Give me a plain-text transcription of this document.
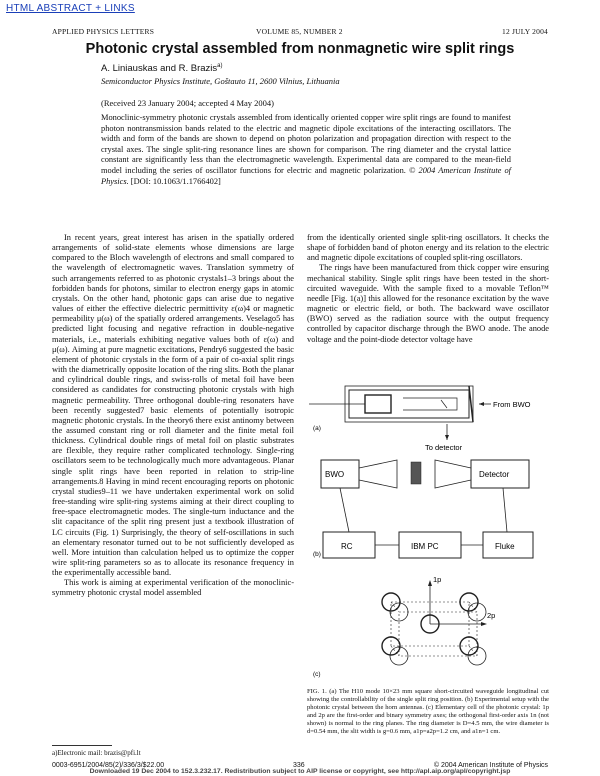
HTML ABSTRACT + LINKS
APPLIED PHYSICS LETTERS	VOLUME 85, NUMBER 2	12 JULY 2004
Photonic crystal assembled from nonmagnetic wire split rings
A. Liniauskas and R. Brazis$^{a)}$
Semiconductor Physics Institute, Goštauto 11, 2600 Vilnius, Lithuania
(Received 23 January 2004; accepted 4 May 2004)
Monoclinic-symmetry photonic crystals assembled from identically oriented copper wire split rings are found to manifest photon nontransmission bands related to the electric and magnetic dipole excitations of the interacting oscillators. The width and form of the bands are shown to depend on photon polarization and propagation direction with respect to the crystal axes. The single split-ring resonance lines are shown for comparison. The ring diameter and the crystal lattice constant are significantly less than the electromagnetic wavelength. Experimental data are compared to the mean-field model including the series of oscillator functions for electric and magnetic polarization. © 2004 American Institute of Physics. [DOI: 10.1063/1.1766402]

In recent years, great interest has arisen in the spatially ordered arrangements of solid-state elements whose dimensions are large compared to the Bloch wavelength of electrons and small compared to the wavelength of electromagnetic waves. Translation symmetry of such arrangements referred to as photonic crystals1–3 brings about the forbidden bands for photons, similar to electron energy gaps in atomic crystals. On the other hand, photonic gaps can arise due to negative values of either the effective dielectric permittivity ε(ω)4 or magnetic permeability μ(ω) of the spatially ordered arrangements. Veselago5 has predicted light focusing and negative refraction in double-negative materials, i.e., materials exhibiting negative values both of ε(ω) and μ(ω). Aiming at pure magnetic excitations, Pendry6 suggested the basic element of photonic crystals in the form of a pair of co-axial split rings with the diametrically opposite location of the ring slits. Both the planar and cylindrical double rings, and swiss-rolls of metal foil have been considered as candidates for constructing photonic crystals with high magnetic permeability. Three orthogonal double-ring resonaters have been recently suggested7 basic elements of potentially isotropic magnetic photonic crystals. In the theory6 there exist antinomy between the assumed constant ring or roll diameter and the finite metal foil thickness. Cylindrical double rings of metal foil on plastic substrates are flexible, they require rather complicated technology. Single-ring oscillators seem to be technologically much more advantageous. Planar single split rings have been reported in relation to strip-line arrangements.8 Having in mind recent encouraging reports on photonic crystal studies9–11 we have undertaken experimental work on solid free-standing wire split-ring systems aiming at their direct coupling to free-space electromagnetic modes. The single-turn inductance and the slit capacitance of the split ring present just a textbook illustration of LC circuits (Fig. 1) Surprisingly, the theory of self-oscillations in such an elementary resonator turned out to be not sufficiently developed as well. More intuition than calculation helped us to optimize the copper wire split-ring parameters so as to allocate its resonance frequency in the experimentally accessible band.

This work is aiming at experimental verification of the monoclinic-symmetry photonic crystal model assembled

from the identically oriented single split-ring oscillators. It checks the shape of forbidden band of photon energy and its relation to the electric and magnetic dipole excitations of coupled split-ring oscillators.

The rings have been manufactured from thick copper wire ensuring mechanical stability. Single split rings have been tested in the short-circuited waveguide. With the sample fixed to a movable Teflon™ needle [Fig. 1(a)] this allowed for the resonance excitation by the wave magnetic or electric field, or both. The backward wave oscillator (BWO) served as the radiation source with the output frequency controlled by capacitor discharge through the BWO anode. The anode voltage and the point-diode detector voltage have

From BWO
To detector
(a)
BWO	Detector
RC	IBM PC	Fluke
(b)
1p
2p
(c)
FIG. 1. (a) The H10 mode 10×23 mm square short-circuited waveguide longitudinal cut showing the controllability of the single split ring position. (b) Experimental setup with the photonic crystal between the horn antennas. (c) Elementary cell of the photonic crystal: 1p and 2p are the first-order and binary symmetry axes; the orthogonal first-order axis 1n (not shown) is normal to the ring planes. The ring diameter is D=4.5 mm, the wire diameter is d=0.54 mm, the slit width is g=0.6 mm, a1p=a2p=1.2 cm, and a1n=1 cm.
a)Electronic mail: brazis@pfi.lt
0003-6951/2004/85(2)/336/3/$22.00	336	© 2004 American Institute of Physics
Downloaded 19 Dec 2004 to 152.3.232.17. Redistribution subject to AIP license or copyright, see http://apl.aip.org/apl/copyright.jsp
